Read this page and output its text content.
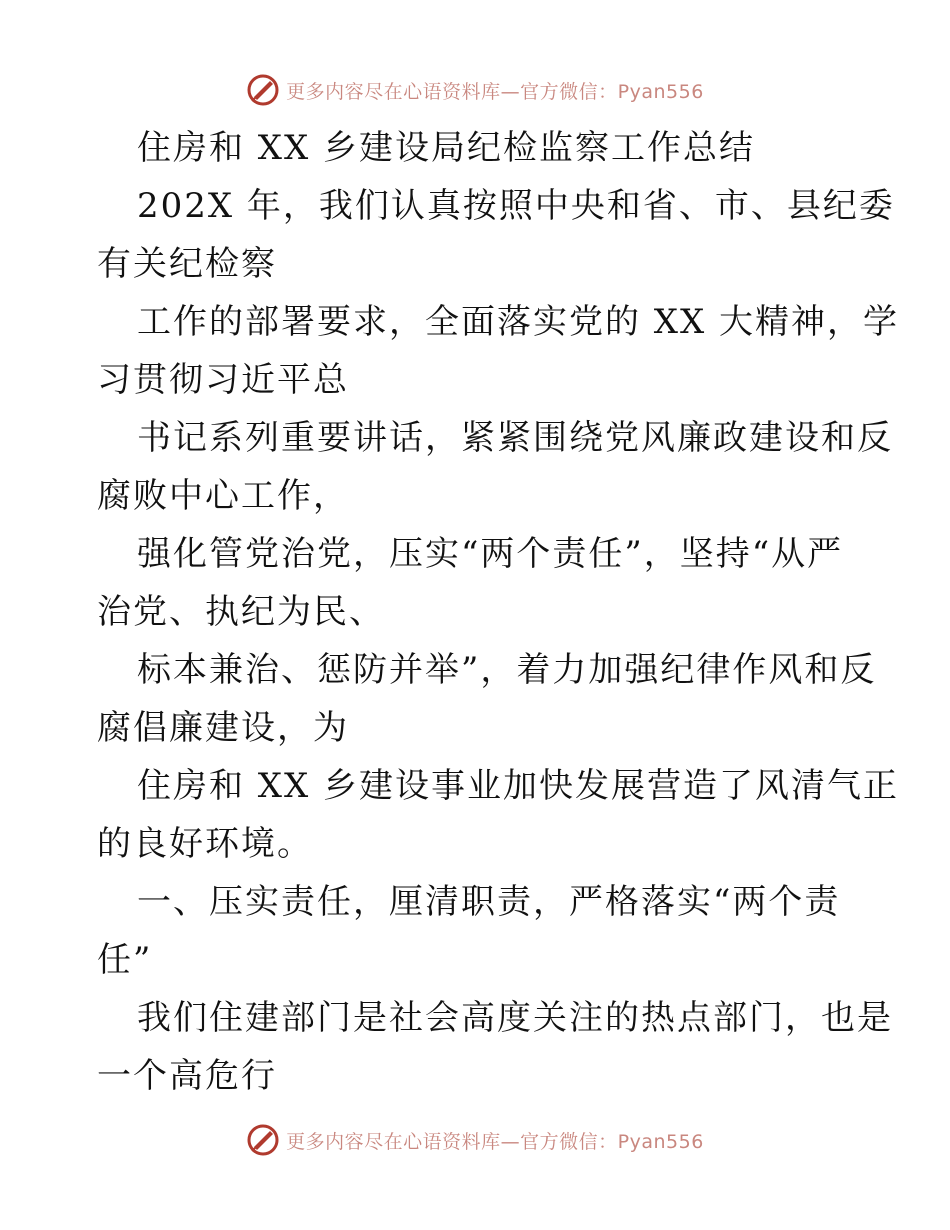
更多内容尽在心语资料库—官方微信：Pyan556
住房和 XX 乡建设局纪检监察工作总结
202X 年，我们认真按照中央和省、市、县纪委
有关纪检察
工作的部署要求，全面落实党的 XX 大精神，学
习贯彻习近平总
书记系列重要讲话，紧紧围绕党风廉政建设和反
腐败中心工作，
强化管党治党，压实“两个责任”，坚持“从严
治党、执纪为民、
标本兼治、惩防并举”，着力加强纪律作风和反
腐倡廉建设，为
住房和 XX 乡建设事业加快发展营造了风清气正
的良好环境。
一、压实责任，厘清职责，严格落实“两个责
任”
我们住建部门是社会高度关注的热点部门，也是
一个高危行
更多内容尽在心语资料库—官方微信：Pyan556
